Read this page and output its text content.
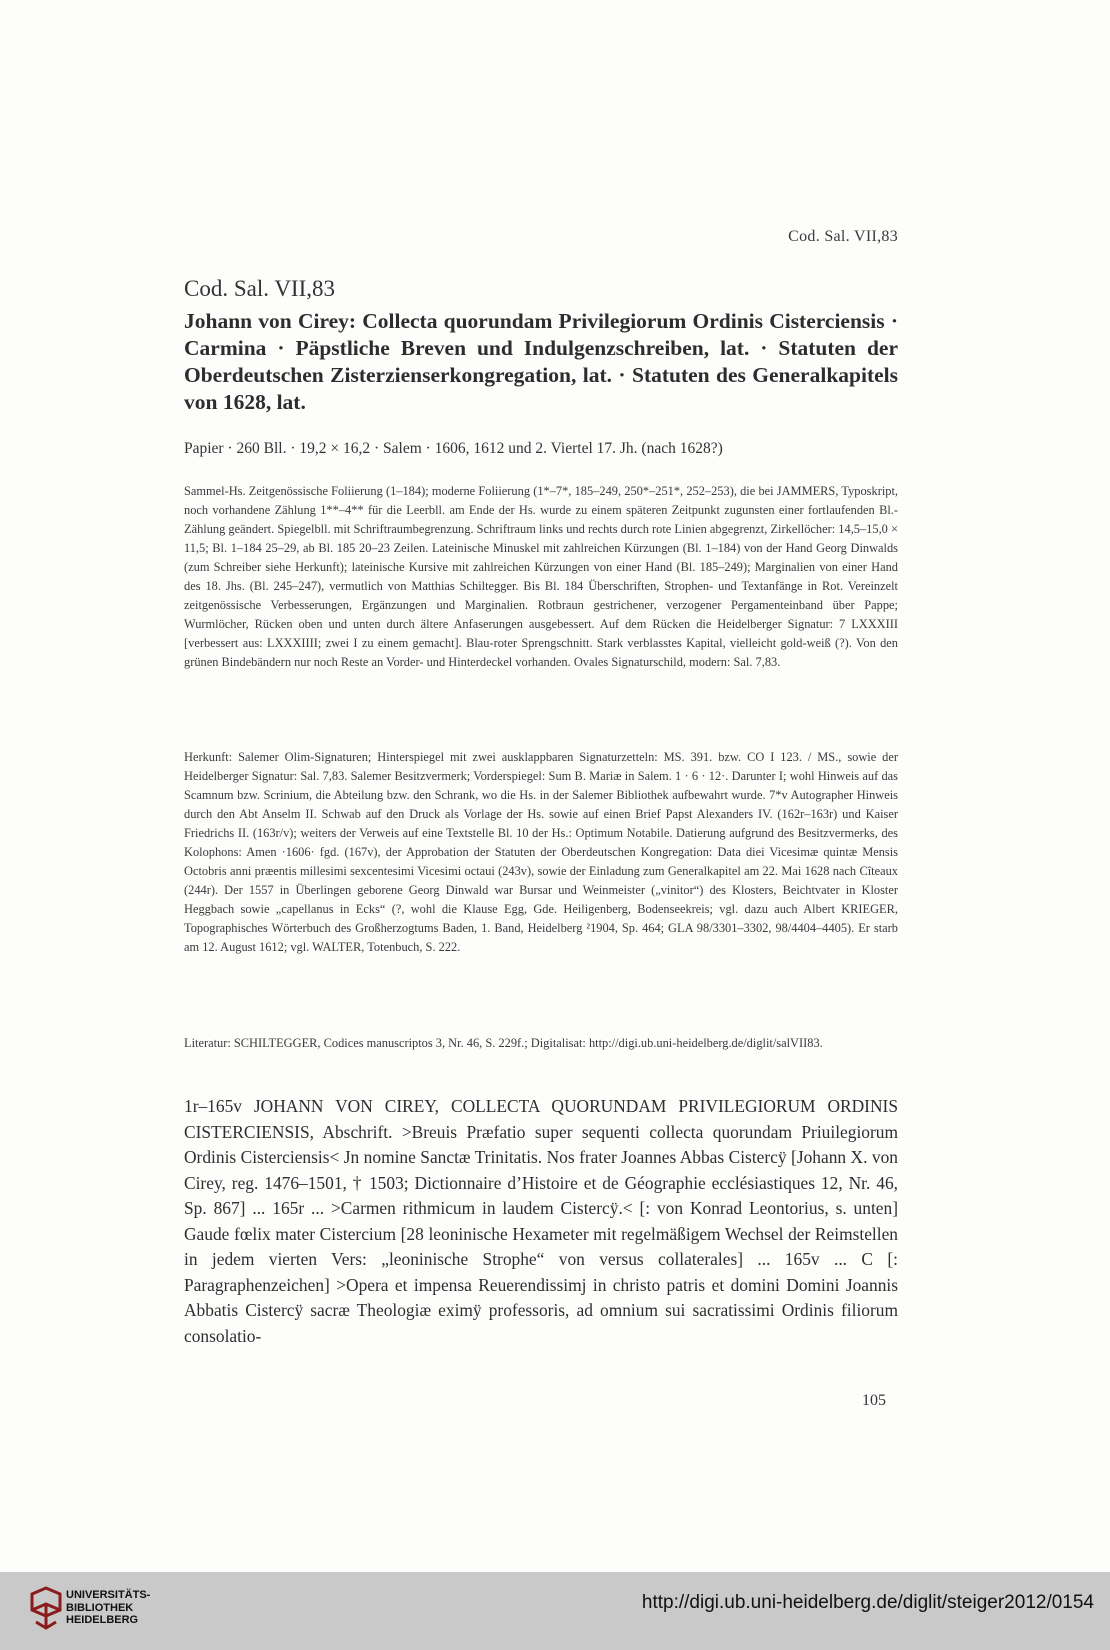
Cod. Sal. VII,83
Cod. Sal. VII,83
Johann von Cirey: Collecta quorundam Privilegiorum Ordinis Cisterciensis · Carmina · Päpstliche Breven und Indulgenzschreiben, lat. · Statuten der Oberdeutschen Zisterzienserkongregation, lat. · Statuten des Generalkapitels von 1628, lat.
Papier · 260 Bll. · 19,2 × 16,2 · Salem · 1606, 1612 und 2. Viertel 17. Jh. (nach 1628?)

Sammel-Hs. Zeitgenössische Foliierung (1–184); moderne Foliierung (1*–7*, 185–249, 250*–251*, 252–253), die bei JAMMERS, Typoskript, noch vorhandene Zählung 1**–4** für die Leerbll. am Ende der Hs. wurde zu einem späteren Zeitpunkt zugunsten einer fortlaufenden Bl.-Zählung geändert. Spiegelbll. mit Schriftraumbegrenzung. Schriftraum links und rechts durch rote Linien abgegrenzt, Zirkellöcher: 14,5–15,0 × 11,5; Bl. 1–184 25–29, ab Bl. 185 20–23 Zeilen. Lateinische Minuskel mit zahlreichen Kürzungen (Bl. 1–184) von der Hand Georg Dinwalds (zum Schreiber siehe Herkunft); lateinische Kursive mit zahlreichen Kürzungen von einer Hand (Bl. 185–249); Marginalien von einer Hand des 18. Jhs. (Bl. 245–247), vermutlich von Matthias Schiltegger. Bis Bl. 184 Überschriften, Strophen- und Textanfänge in Rot. Vereinzelt zeitgenössische Verbesserungen, Ergänzungen und Marginalien. Rotbraun gestrichener, verzogener Pergamenteinband über Pappe; Wurmlöcher, Rücken oben und unten durch ältere Anfaserungen ausgebessert. Auf dem Rücken die Heidelberger Signatur: 7 LXXXIII [verbessert aus: LXXXIIII; zwei I zu einem gemacht]. Blau-roter Sprengschnitt. Stark verblasstes Kapital, vielleicht gold-weiß (?). Von den grünen Bindebändern nur noch Reste an Vorder- und Hinterdeckel vorhanden. Ovales Signaturschild, modern: Sal. 7,83.

Herkunft: Salemer Olim-Signaturen; Hinterspiegel mit zwei ausklappbaren Signaturzetteln: MS. 391. bzw. CO I 123. / MS., sowie der Heidelberger Signatur: Sal. 7,83. Salemer Besitzvermerk; Vorderspiegel: Sum B. Mariæ in Salem. 1 · 6 · 12·. Darunter I; wohl Hinweis auf das Scamnum bzw. Scrinium, die Abteilung bzw. den Schrank, wo die Hs. in der Salemer Bibliothek aufbewahrt wurde. 7*v Autographer Hinweis durch den Abt Anselm II. Schwab auf den Druck als Vorlage der Hs. sowie auf einen Brief Papst Alexanders IV. (162r–163r) und Kaiser Friedrichs II. (163r/v); weiters der Verweis auf eine Textstelle Bl. 10 der Hs.: Optimum Notabile. Datierung aufgrund des Besitzvermerks, des Kolophons: Amen ·1606· fgd. (167v), der Approbation der Statuten der Oberdeutschen Kongregation: Data diei Vicesimæ quintæ Mensis Octobris anni præentis millesimi sexcentesimi Vicesimi octaui (243v), sowie der Einladung zum Generalkapitel am 22. Mai 1628 nach Cîteaux (244r). Der 1557 in Überlingen geborene Georg Dinwald war Bursar und Weinmeister („vinitor“) des Klosters, Beichtvater in Kloster Heggbach sowie „capellanus in Ecks“ (?, wohl die Klause Egg, Gde. Heiligenberg, Bodenseekreis; vgl. dazu auch Albert KRIEGER, Topographisches Wörterbuch des Großherzogtums Baden, 1. Band, Heidelberg ²1904, Sp. 464; GLA 98/3301–3302, 98/4404–4405). Er starb am 12. August 1612; vgl. WALTER, Totenbuch, S. 222.

Literatur: SCHILTEGGER, Codices manuscriptos 3, Nr. 46, S. 229f.; Digitalisat: http://digi.ub.uni-heidelberg.de/diglit/salVII83.

1r–165v JOHANN VON CIREY, COLLECTA QUORUNDAM PRIVILEGIORUM ORDINIS CISTERCIENSIS, Abschrift. >Breuis Præfatio super sequenti collecta quorundam Priuilegiorum Ordinis Cisterciensis< Jn nomine Sanctæ Trinitatis. Nos frater Joannes Abbas Cistercÿ [Johann X. von Cirey, reg. 1476–1501, † 1503; Dictionnaire d’Histoire et de Géographie ecclésiastiques 12, Nr. 46, Sp. 867] ... 165r ... >Carmen rithmicum in laudem Cistercÿ.< [: von Konrad Leontorius, s. unten] Gaude fœlix mater Cistercium [28 leoninische Hexameter mit regelmäßigem Wechsel der Reimstellen in jedem vierten Vers: „leoninische Strophe“ von versus collaterales] ... 165v ... C [: Paragraphenzeichen] >Opera et impensa Reuerendissimj in christo patris et domini Domini Joannis Abbatis Cistercÿ sacræ Theologiæ eximÿ professoris, ad omnium sui sacratissimi Ordinis filiorum consolatio-

105
UNIVERSITÄTS-
BIBLIOTHEK
HEIDELBERG
http://digi.ub.uni-heidelberg.de/diglit/steiger2012/0154
